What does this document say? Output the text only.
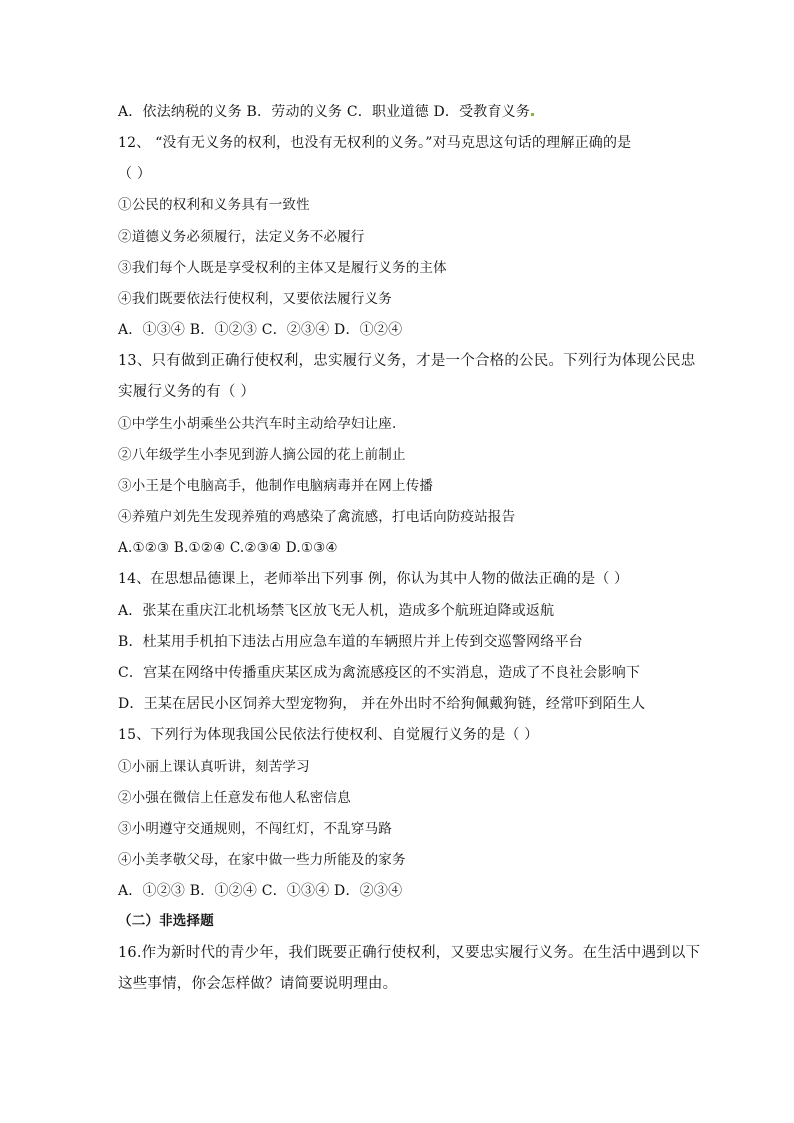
A．依法纳税的义务 B．劳动的义务 C．职业道德 D．受教育义务
12、 “没有无义务的权利，也没有无权利的义务。”对马克思这句话的理解正确的是
（ ）
①公民的权利和义务具有一致性
②道德义务必须履行，法定义务不必履行
③我们每个人既是享受权利的主体又是履行义务的主体
④我们既要依法行使权利，又要依法履行义务
A．①③④ B．①②③ C．②③④ D．①②④
13、只有做到正确行使权利，忠实履行义务，才是一个合格的公民。下列行为体现公民忠
实履行义务的有（ ）
①中学生小胡乘坐公共汽车时主动给孕妇让座.
②八年级学生小李见到游人摘公园的花上前制止
③小王是个电脑高手，他制作电脑病毒并在网上传播
④养殖户刘先生发现养殖的鸡感染了禽流感，打电话向防疫站报告
A.①②③ B.①②④ C.②③④ D.①③④
14、在思想品德课上，老师举出下列事 例，你认为其中人物的做法正确的是（ ）
A．张某在重庆江北机场禁飞区放飞无人机，造成多个航班迫降或返航
B．杜某用手机拍下违法占用应急车道的车辆照片并上传到交巡警网络平台
C．宫某在网络中传播重庆某区成为禽流感疫区的不实消息，造成了不良社会影响下
D．王某在居民小区饲养大型宠物狗， 并在外出时不给狗佩戴狗链，经常吓到陌生人
15、下列行为体现我国公民依法行使权利、自觉履行义务的是（ ）
①小丽上课认真听讲，刻苦学习
②小强在微信上任意发布他人私密信息
③小明遵守交通规则，不闯红灯，不乱穿马路
④小美孝敬父母，在家中做一些力所能及的家务
A．①②③ B．①②④ C．①③④ D．②③④
（二）非选择题
16.作为新时代的青少年，我们既要正确行使权利，又要忠实履行义务。在生活中遇到以下
这些事情，你会怎样做？请简要说明理由。
